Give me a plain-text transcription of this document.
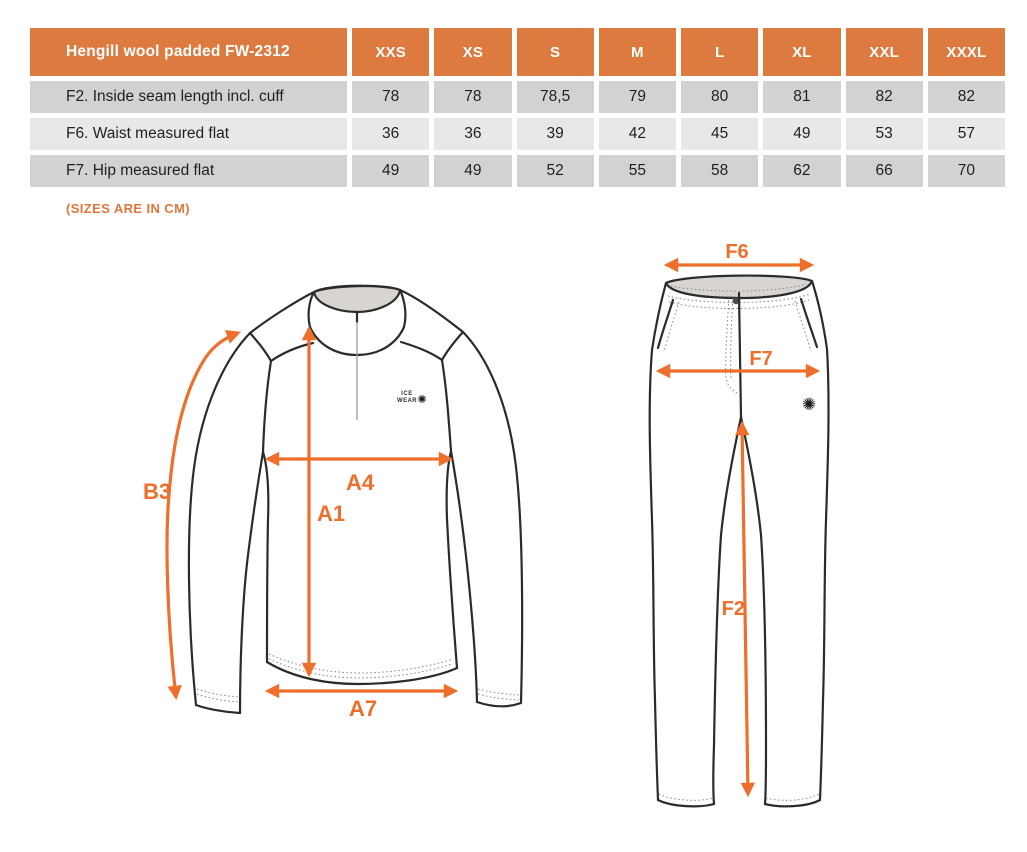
Hengill wool padded FW-2312	XXS	XS	S	M	L	XL	XXL	XXXL
F2. Inside seam length incl. cuff	78	78	78,5	79	80	81	82	82
F6. Waist measured flat	36	36	39	42	45	49	53	57
F7. Hip measured flat	49	49	52	55	58	62	66	70
(SIZES ARE IN CM)
ICE
WEAR ✺
B3	A4
A1
A7
✺
F6
F7
F2
